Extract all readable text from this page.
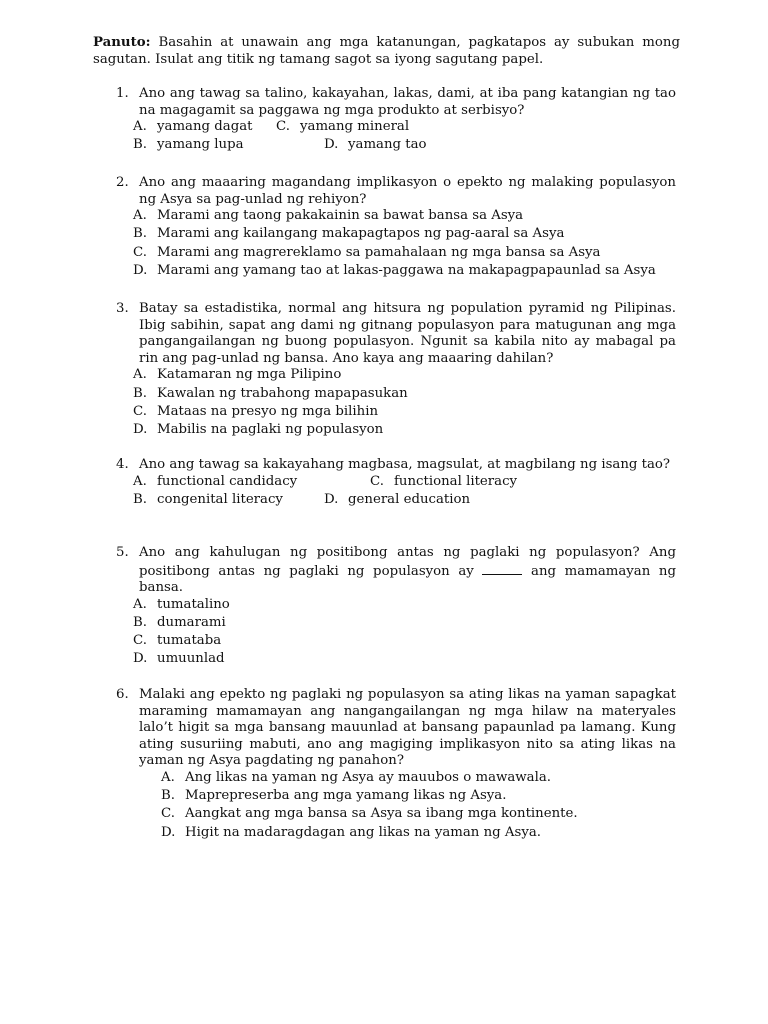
Panuto: Basahin at unawain ang mga katanungan, pagkatapos ay subukan mong sagutan. Isulat ang titik ng tamang sagot sa iyong sagutang papel.
1. Ano ang tawag sa talino, kakayahan, lakas, dami, at iba pang katangian ng tao na magagamit sa paggawa ng mga produkto at serbisyo?
A. yamang dagat C. yamang mineral
B. yamang lupa	D. yamang tao
2. Ano ang maaaring magandang implikasyon o epekto ng malaking populasyon ng Asya sa pag-unlad ng rehiyon?
A. Marami ang taong pakakainin sa bawat bansa sa Asya
B. Marami ang kailangang makapagtapos ng pag-aaral sa Asya
C. Marami ang magrereklamo sa pamahalaan ng mga bansa sa Asya
D. Marami ang yamang tao at lakas-paggawa na makapagpapaunlad sa Asya
3. Batay sa estadistika, normal ang hitsura ng population pyramid ng Pilipinas. Ibig sabihin, sapat ang dami ng gitnang populasyon para matugunan ang mga pangangailangan ng buong populasyon. Ngunit sa kabila nito ay mabagal pa rin ang pag-unlad ng bansa. Ano kaya ang maaaring dahilan?
A. Katamaran ng mga Pilipino
B. Kawalan ng trabahong mapapasukan
C. Mataas na presyo ng mga bilihin
D. Mabilis na paglaki ng populasyon
4. Ano ang tawag sa kakayahang magbasa, magsulat, at magbilang ng isang tao?
A. functional candidacy	C. functional literacy
B. congenital literacy	D. general education
5. Ano ang kahulugan ng positibong antas ng paglaki ng populasyon? Ang positibong antas ng paglaki ng populasyon ay	ang mamamayan ng bansa.
A. tumatalino
B. dumarami
C. tumataba
D. umuunlad
6. Malaki ang epekto ng paglaki ng populasyon sa ating likas na yaman sapagkat maraming mamamayan ang nangangailangan ng mga hilaw na materyales lalo’t higit sa mga bansang mauunlad at bansang papaunlad pa lamang. Kung ating susuriing mabuti, ano ang magiging implikasyon nito sa ating likas na yaman ng Asya pagdating ng panahon?
A. Ang likas na yaman ng Asya ay mauubos o mawawala.
B. Maprepreserba ang mga yamang likas ng Asya.
C. Aangkat ang mga bansa sa Asya sa ibang mga kontinente.
D. Higit na madaragdagan ang likas na yaman ng Asya.
